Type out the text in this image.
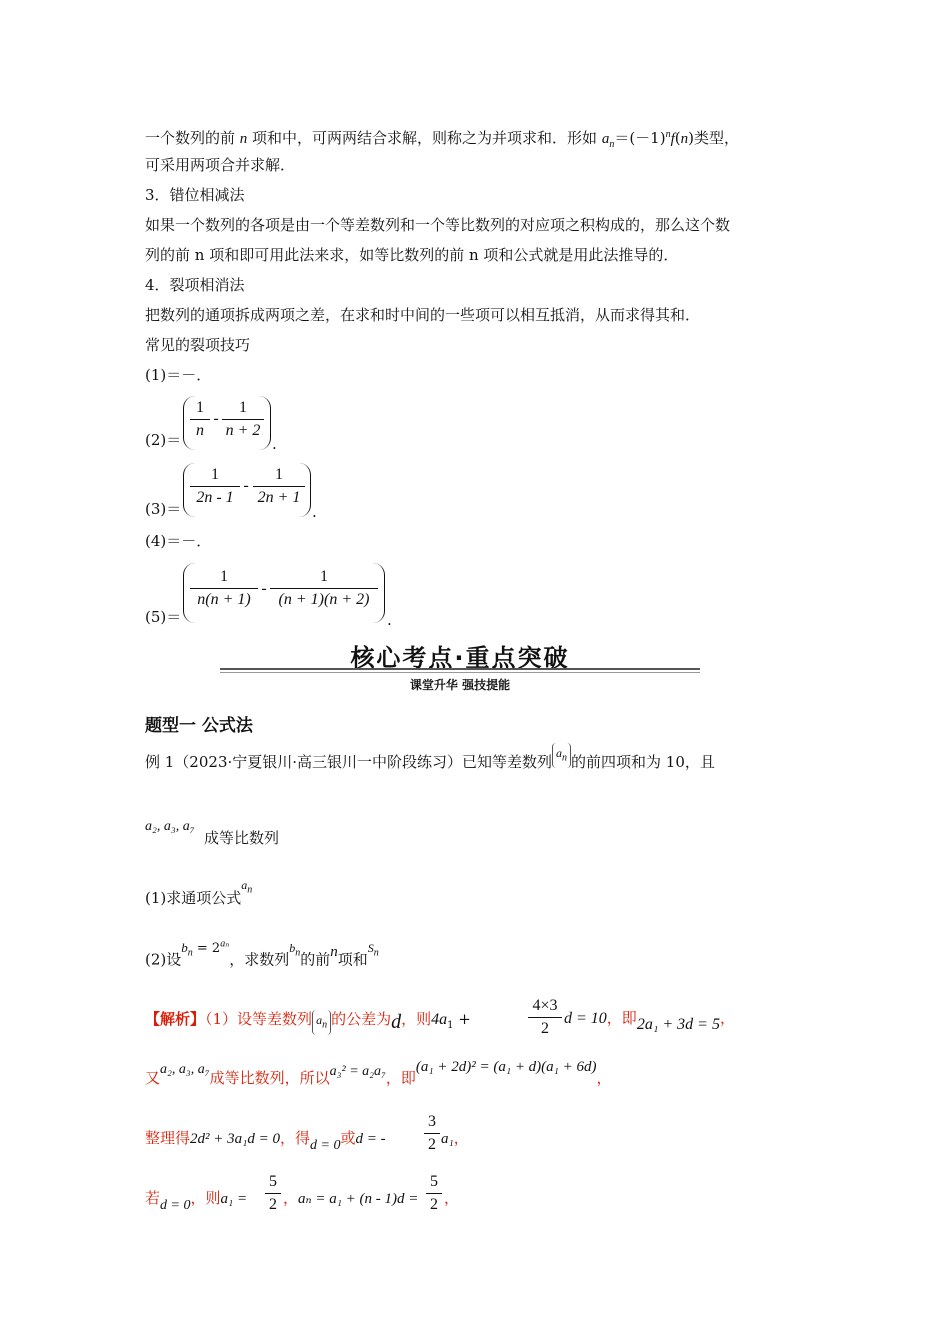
一个数列的前 n 项和中，可两两结合求解，则称之为并项求和．形如 $a_n=(-1)^nf(n)$类型，
可采用两项合并求解．
3．错位相减法
如果一个数列的各项是由一个等差数列和一个等比数列的对应项之积构成的，那么这个数
列的前 n 项和即可用此法来求，如等比数列的前 n 项和公式就是用此法推导的．
4．裂项相消法
把数列的通项拆成两项之差，在求和时中间的一些项可以相互抵消，从而求得其和．
常见的裂项技巧
(1)＝－．
(2)＝
1
n
-
1
n + 2
.
(3)＝
1
2n - 1
-
1
2n + 1
.
(4)＝－．
(5)＝
1
n(n + 1)
-
1
(n + 1)(n + 2)
.
核心考点·重点突破
课堂升华 强技提能
题型一 公式法
例 1（2023·宁夏银川·高三银川一中阶段练习）已知等差数列 $a_n$ 的前四项和为 10，且
a₂, a₃, a₇
成等比数列
(1)求通项公式$^{a_n}$
(2)设$b_n = 2^{a_n}$，求数列$^{b_n}$的前n项和$^{S_n}$
【解析】（1）设等差数列 $a_n$ 的公差为d，则$4a_1$ +
4×3
2
d = 10，即2a₁ + 3d = 5，
又a₂, a₃, a₇成等比数列，所以a₃² = a₂a₇，即(a₁ + 2d)² = (a₁ + d)(a₁ + 6d)，
整理得2d² + 3a₁d = 0，得d = 0或d = -
3
2 a₁，
若d = 0，则a₁ =
5
2 ，aₙ = a₁ + (n - 1)d =
5
2 ，
